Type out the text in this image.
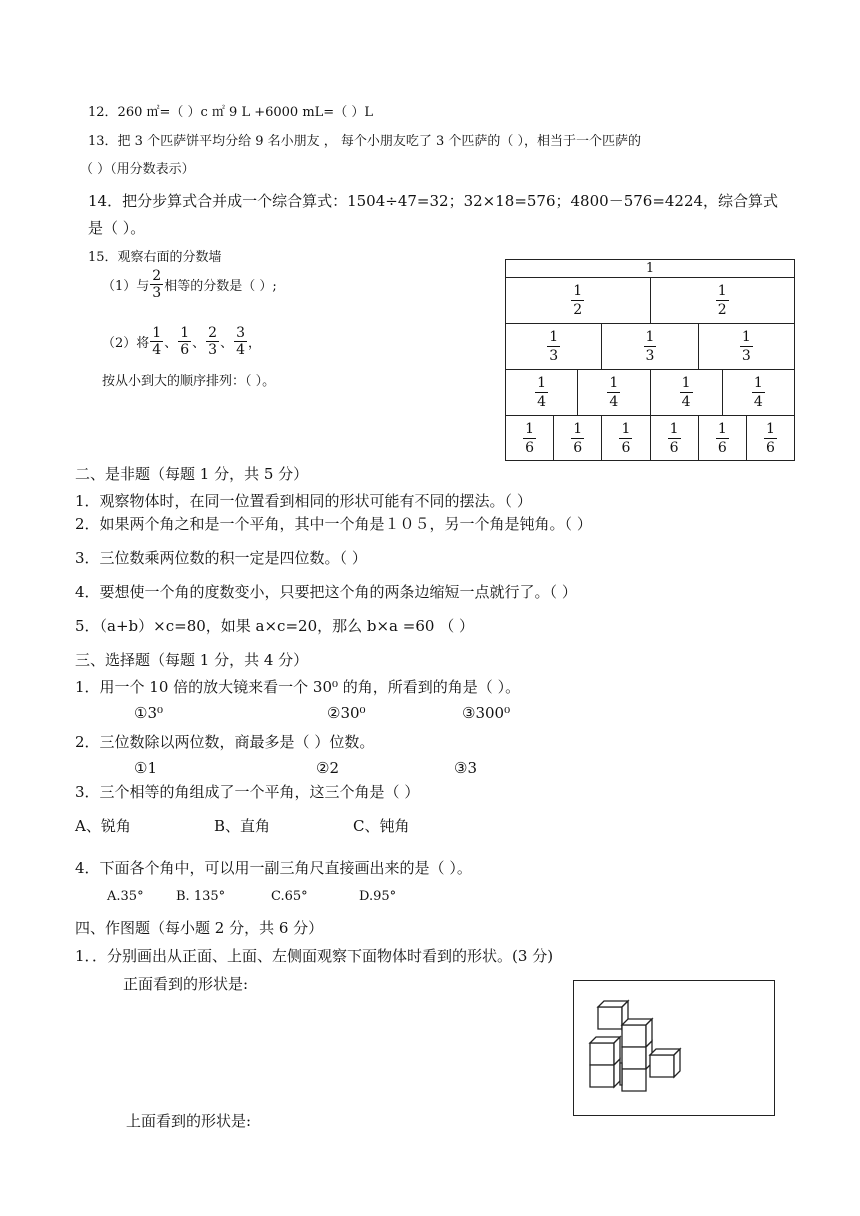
12．260 ㎡=（ ）c ㎡ 9 L +6000 mL=（ ）L
13．把 3 个匹萨饼平均分给 9 名小朋友 ， 每个小朋友吃了 3 个匹萨的（ ），相当于一个匹萨的
（ ）（用分数表示）
14．把分步算式合并成一个综合算式：1504÷47=32；32×18=576；4800－576=4224，综合算式
是（ ）。
15．观察右面的分数墙
（1）与 $\frac{2}{3}$ 相等的分数是（ ）;
（2）将 $\frac{1}{4}$ 、 $\frac{1}{6}$ 、 $\frac{2}{3}$ 、 $\frac{3}{4}$ ，
按从小到大的顺序排列：（ ）。
1
$\frac{1}{2}$	$\frac{1}{2}$
$\frac{1}{3}$	$\frac{1}{3}$	$\frac{1}{3}$
$\frac{1}{4}$	$\frac{1}{4}$	$\frac{1}{4}$	$\frac{1}{4}$
$\frac{1}{6}$	$\frac{1}{6}$	$\frac{1}{6}$	$\frac{1}{6}$	$\frac{1}{6}$	$\frac{1}{6}$
二、是非题（每题 1 分，共 5 分）
1．观察物体时，在同一位置看到相同的形状可能有不同的摆法。（ ）
2．如果两个角之和是一个平角，其中一个角是１０５，另一个角是钝角。（ ）
3．三位数乘两位数的积一定是四位数。（ ）
4．要想使一个角的度数变小，只要把这个角的两条边缩短一点就行了。（ ）
5．（a+b）×c=80，如果 a×c=20，那么 b×a =60 （ ）
三、选择题（每题 1 分，共 4 分）
1．用一个 10 倍的放大镜来看一个 30⁰ 的角，所看到的角是（ ）。
①3⁰	②30⁰	③300⁰
2．三位数除以两位数，商最多是（ ）位数。
①1	②2	③3
3．三个相等的角组成了一个平角，这三个角是（ ）
A、锐角	B、直角	C、钝角
4．下面各个角中，可以用一副三角尺直接画出来的是（ ）。
A.35° B. 135°	C.65°	D.95°
四、作图题（每小题 2 分，共 6 分）
1．．分别画出从正面、上面、左侧面观察下面物体时看到的形状。(3 分)
正面看到的形状是:
上面看到的形状是:
